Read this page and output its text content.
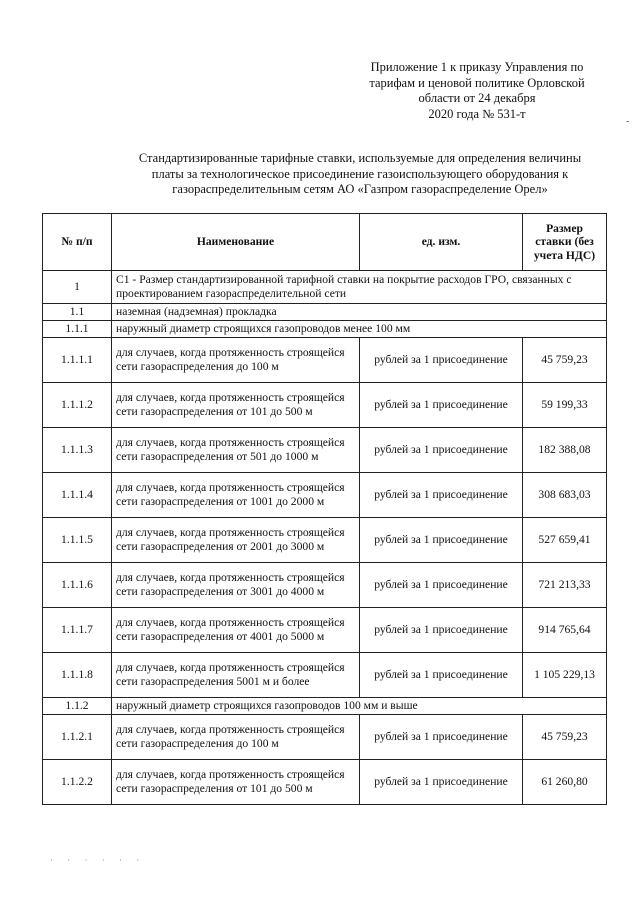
Приложение 1 к приказу Управления по
тарифам и ценовой политике Орловской
области от 24 декабря
2020 года № 531-т
-
Стандартизированные тарифные ставки, используемые для определения величины
платы за технологическое присоединение газоиспользующего оборудования к
газораспределительным сетям АО «Газпром газораспределение Орел»
№ п/п	Наименование	ед. изм.	Размер ставки (без учета НДС)
1	С1 - Размер стандартизированной тарифной ставки на покрытие расходов ГРО, связанных с проектированием газораспределительной сети		
1.1	наземная (надземная) прокладка		
1.1.1	наружный диаметр строящихся газопроводов менее 100 мм		
1.1.1.1	для случаев, когда протяженность строящейся сети газораспределения до 100 м	рублей за 1 присоединение	45 759,23
1.1.1.2	для случаев, когда протяженность строящейся сети газораспределения от 101 до 500 м	рублей за 1 присоединение	59 199,33
1.1.1.3	для случаев, когда протяженность строящейся сети газораспределения от 501 до 1000 м	рублей за 1 присоединение	182 388,08
1.1.1.4	для случаев, когда протяженность строящейся сети газораспределения от 1001 до 2000 м	рублей за 1 присоединение	308 683,03
1.1.1.5	для случаев, когда протяженность строящейся сети газораспределения от 2001 до 3000 м	рублей за 1 присоединение	527 659,41
1.1.1.6	для случаев, когда протяженность строящейся сети газораспределения от 3001 до 4000 м	рублей за 1 присоединение	721 213,33
1.1.1.7	для случаев, когда протяженность строящейся сети газораспределения от 4001 до 5000 м	рублей за 1 присоединение	914 765,64
1.1.1.8	для случаев, когда протяженность строящейся сети газораспределения 5001 м и более	рублей за 1 присоединение	1 105 229,13
1.1.2	наружный диаметр строящихся газопроводов 100 мм и выше		
1.1.2.1	для случаев, когда протяженность строящейся сети газораспределения до 100 м	рублей за 1 присоединение	45 759,23
1.1.2.2	для случаев, когда протяженность строящейся сети газораспределения от 101 до 500 м	рублей за 1 присоединение	61 260,80
· · · · · ·
